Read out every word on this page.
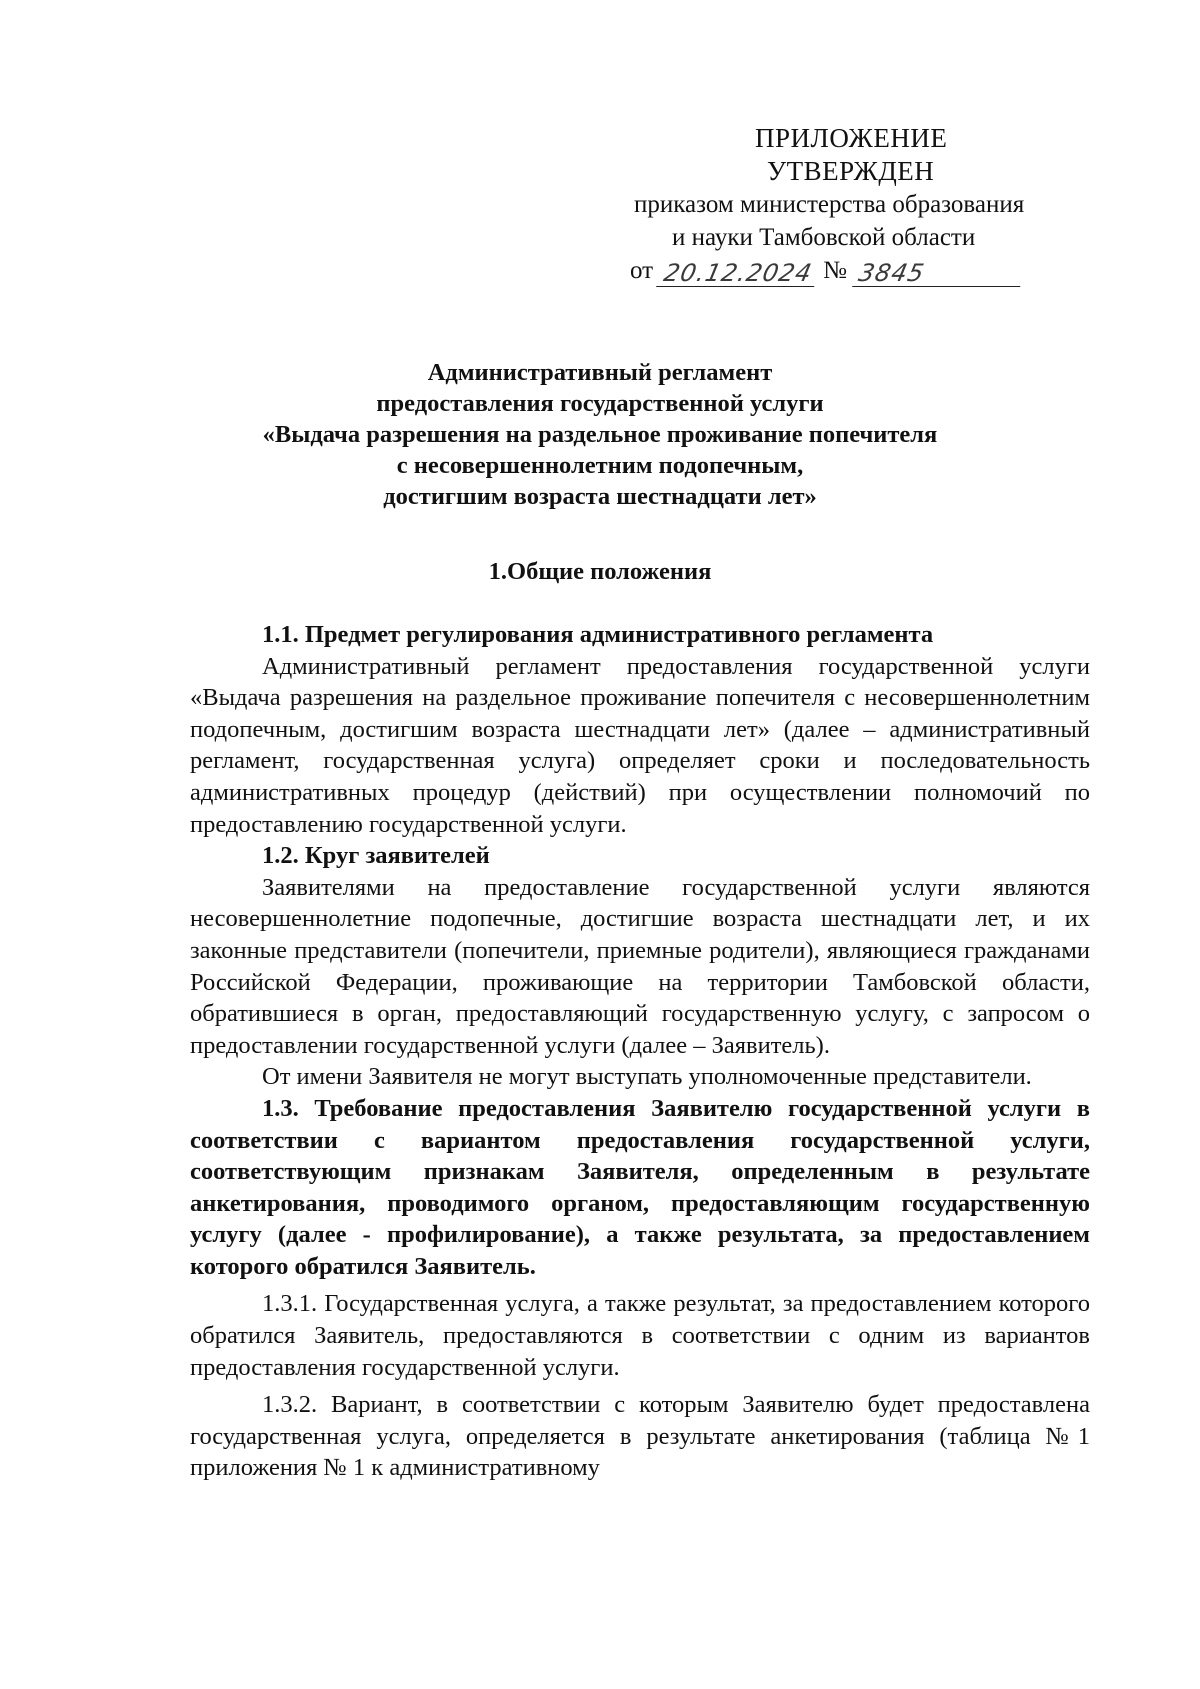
ПРИЛОЖЕНИЕ
УТВЕРЖДЕН
приказом министерства образования
и науки Тамбовской области
от 20.12.2024 № 3845
Административный регламент
предоставления государственной услуги
«Выдача разрешения на раздельное проживание попечителя
с несовершеннолетним подопечным,
достигшим возраста шестнадцати лет»
1.Общие положения

1.1. Предмет регулирования административного регламента

Административный регламент предоставления государственной услуги «Выдача разрешения на раздельное проживание попечителя с несовершеннолетним подопечным, достигшим возраста шестнадцати лет» (далее – административный регламент, государственная услуга) определяет сроки и последовательность административных процедур (действий) при осуществлении полномочий по предоставлению государственной услуги.

1.2. Круг заявителей

Заявителями на предоставление государственной услуги являются несовершеннолетние подопечные, достигшие возраста шестнадцати лет, и их законные представители (попечители, приемные родители), являющиеся гражданами Российской Федерации, проживающие на территории Тамбовской области, обратившиеся в орган, предоставляющий государственную услугу, с запросом о предоставлении государственной услуги (далее – Заявитель).

От имени Заявителя не могут выступать уполномоченные представители.

1.3. Требование предоставления Заявителю государственной услуги в соответствии с вариантом предоставления государственной услуги, соответствующим признакам Заявителя, определенным в результате анкетирования, проводимого органом, предоставляющим государственную услугу (далее - профилирование), а также результата, за предоставлением которого обратился Заявитель.

1.3.1. Государственная услуга, а также результат, за предоставлением которого обратился Заявитель, предоставляются в соответствии с одним из вариантов предоставления государственной услуги.

1.3.2. Вариант, в соответствии с которым Заявителю будет предоставлена государственная услуга, определяется в результате анкетирования (таблица №1 приложения № 1 к административному
